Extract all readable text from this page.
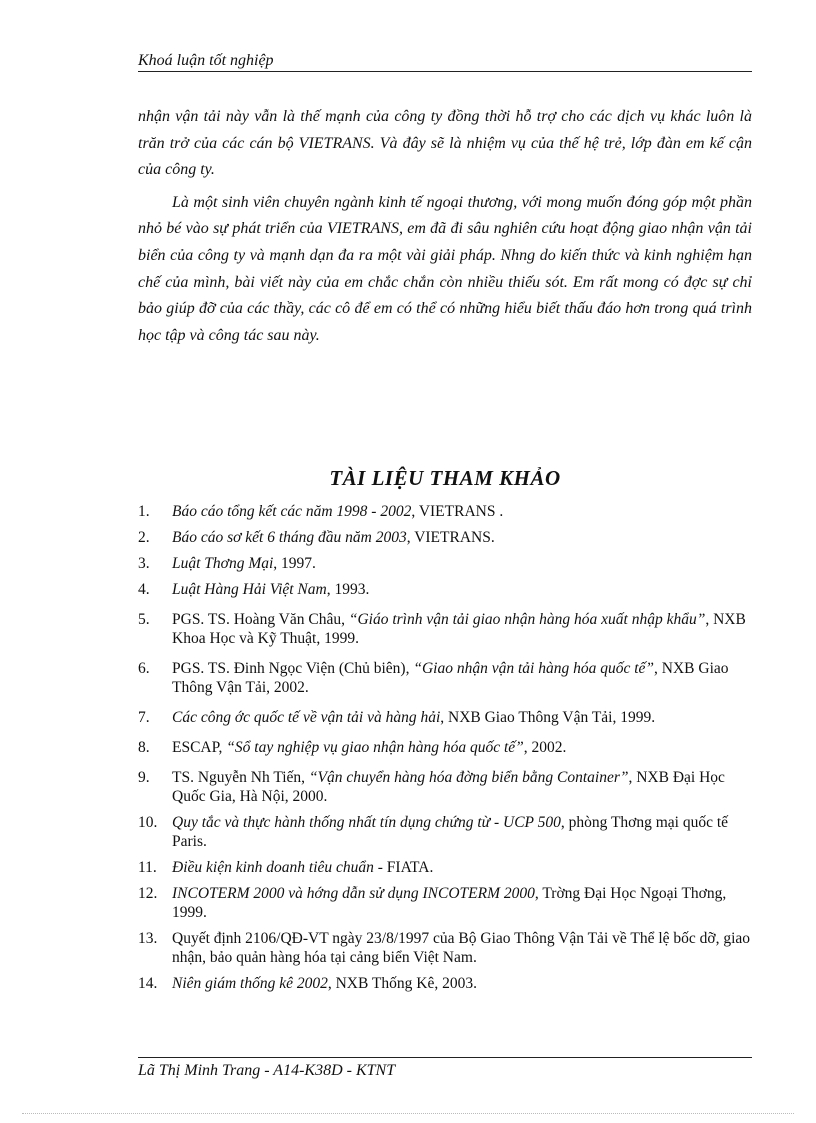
Khoá luận tốt nghiệp

nhận vận tải này vẫn là thế mạnh của công ty đồng thời hỗ trợ cho các dịch vụ khác luôn là trăn trở của các cán bộ VIETRANS. Và đây sẽ là nhiệm vụ của thế hệ trẻ, lớp đàn em kế cận của công ty.

Là một sinh viên chuyên ngành kinh tế ngoại thương, với mong muốn đóng góp một phần nhỏ bé vào sự phát triển của VIETRANS, em đã đi sâu nghiên cứu hoạt động giao nhận vận tải biển của công ty và mạnh dạn đa ra một vài giải pháp. Nhng do kiến thức và kinh nghiệm hạn chế của mình, bài viết này của em chắc chắn còn nhiều thiếu sót. Em rất mong có đợc sự chỉ bảo giúp đỡ của các thầy, các cô để em có thể có những hiểu biết thấu đáo hơn trong quá trình học tập và công tác sau này.

TÀI LIỆU THAM KHẢO
1.	Báo cáo tổng kết các năm 1998 - 2002, VIETRANS .
2.	Báo cáo sơ kết 6 tháng đầu năm 2003, VIETRANS.
3.	Luật Thơng Mại, 1997.
4.	Luật Hàng Hải Việt Nam, 1993.
5.	PGS. TS. Hoàng Văn Châu, “Giáo trình vận tải giao nhận hàng hóa xuất nhập khẩu”, NXB Khoa Học và Kỹ Thuật, 1999.
6.	PGS. TS. Đinh Ngọc Viện (Chủ biên), “Giao nhận vận tải hàng hóa quốc tế”, NXB Giao Thông Vận Tải, 2002.
7.	Các công ớc quốc tế về vận tải và hàng hải, NXB Giao Thông Vận Tải, 1999.
8.	ESCAP, “Sổ tay nghiệp vụ giao nhận hàng hóa quốc tế”, 2002.
9.	TS. Nguyễn Nh Tiến, “Vận chuyển hàng hóa đờng biển bằng Container”, NXB Đại Học Quốc Gia, Hà Nội, 2000.
10. Quy tắc và thực hành thống nhất tín dụng chứng từ - UCP 500, phòng Thơng mại quốc tế Paris.
11. Điều kiện kinh doanh tiêu chuẩn - FIATA.
12. INCOTERM 2000 và hớng dẫn sử dụng INCOTERM 2000, Trờng Đại Học Ngoại Thơng, 1999.
13. Quyết định 2106/QĐ-VT ngày 23/8/1997 của Bộ Giao Thông Vận Tải về Thể lệ bốc dỡ, giao nhận, bảo quản hàng hóa tại cảng biển Việt Nam.
14. Niên giám thống kê 2002, NXB Thống Kê, 2003.
Lã Thị Minh Trang - A14-K38D - KTNT
